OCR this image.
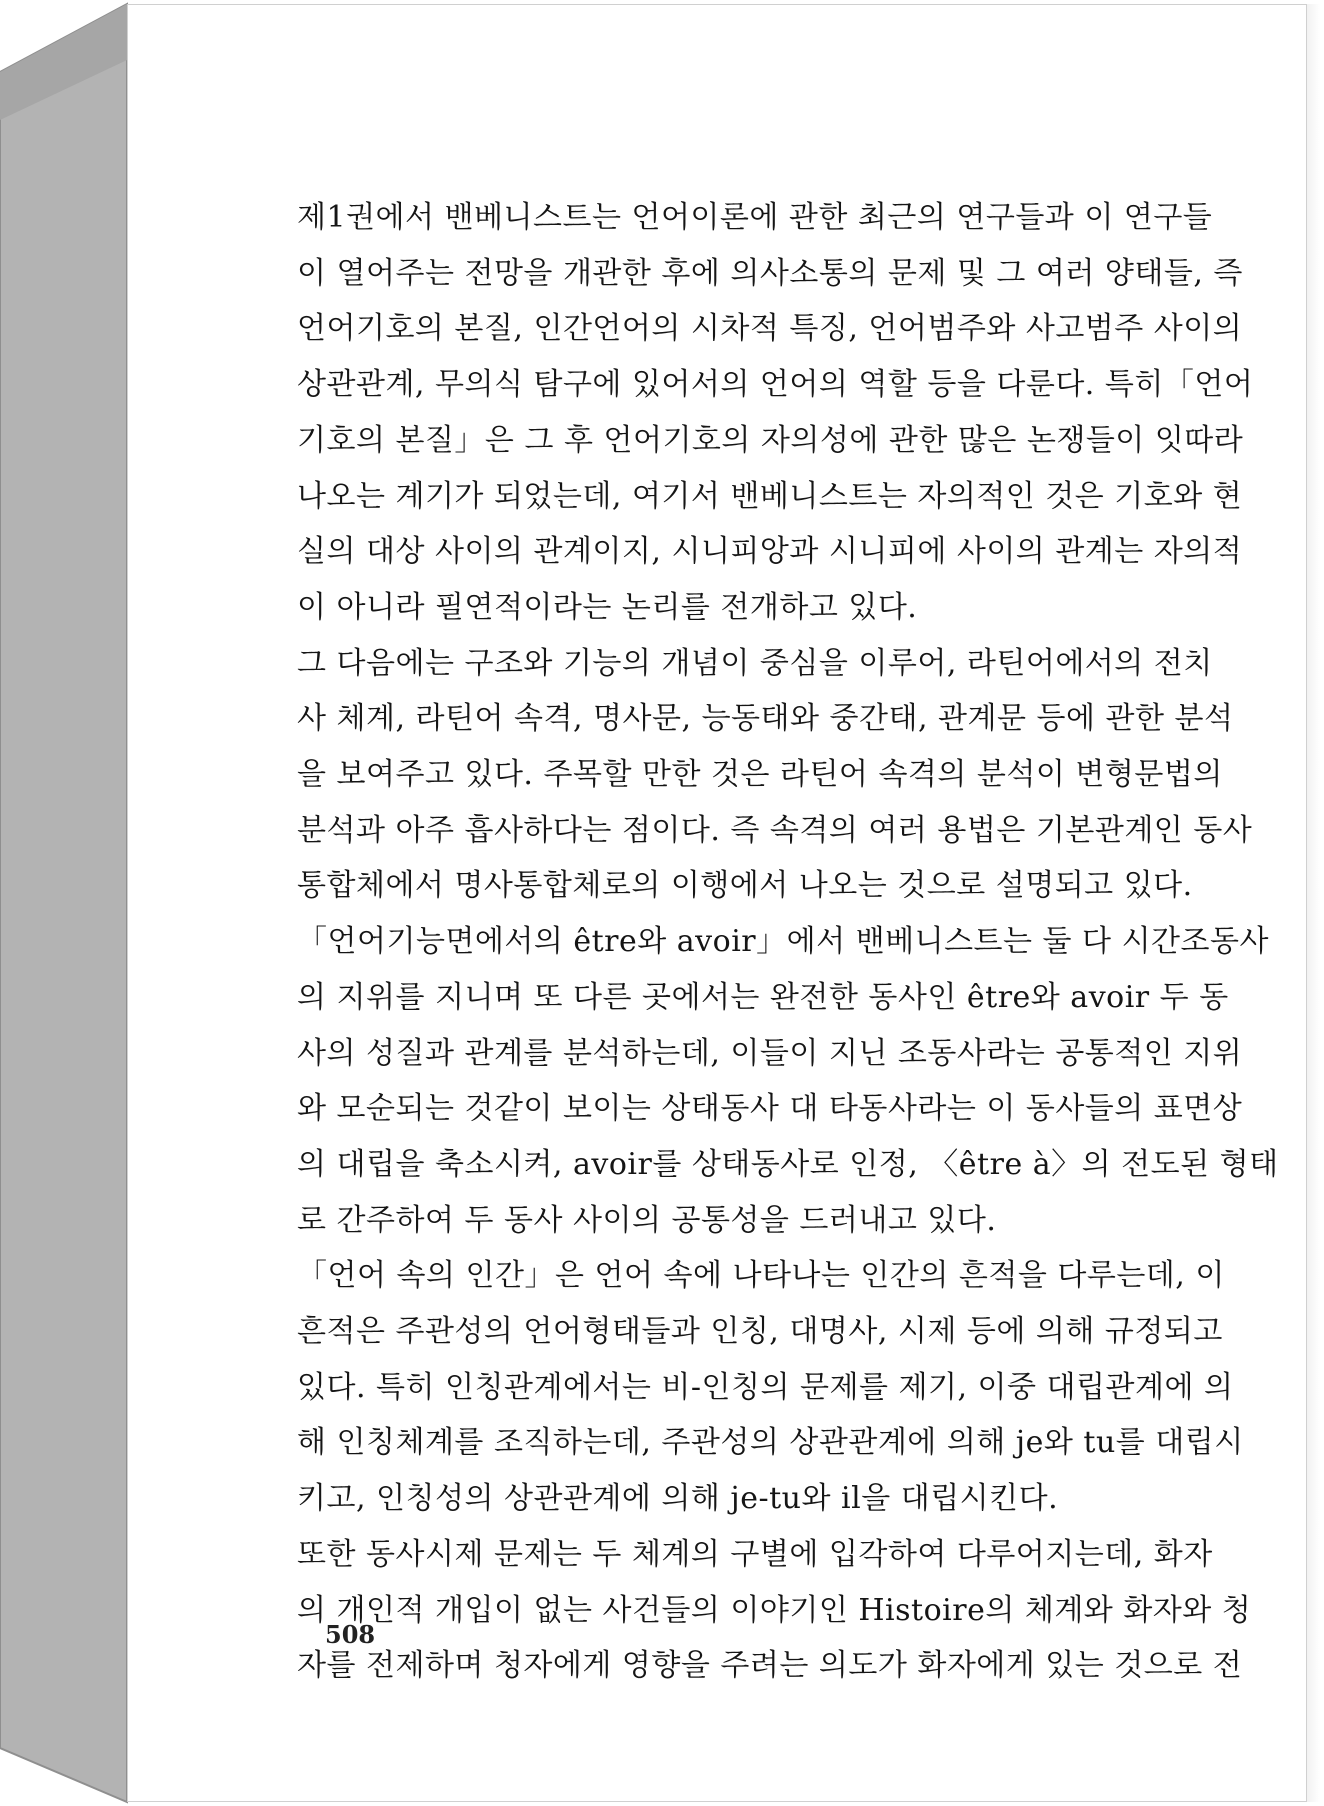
제1권에서 밴베니스트는 언어이론에 관한 최근의 연구들과 이 연구들
이 열어주는 전망을 개관한 후에 의사소통의 문제 및 그 여러 양태들, 즉
언어기호의 본질, 인간언어의 시차적 특징, 언어범주와 사고범주 사이의
상관관계, 무의식 탐구에 있어서의 언어의 역할 등을 다룬다. 특히「언어
기호의 본질」은 그 후 언어기호의 자의성에 관한 많은 논쟁들이 잇따라
나오는 계기가 되었는데, 여기서 밴베니스트는 자의적인 것은 기호와 현
실의 대상 사이의 관계이지, 시니피앙과 시니피에 사이의 관계는 자의적
이 아니라 필연적이라는 논리를 전개하고 있다.
그 다음에는 구조와 기능의 개념이 중심을 이루어, 라틴어에서의 전치
사 체계, 라틴어 속격, 명사문, 능동태와 중간태, 관계문 등에 관한 분석
을 보여주고 있다. 주목할 만한 것은 라틴어 속격의 분석이 변형문법의
분석과 아주 흡사하다는 점이다. 즉 속격의 여러 용법은 기본관계인 동사
통합체에서 명사통합체로의 이행에서 나오는 것으로 설명되고 있다.
「언어기능면에서의 être와 avoir」에서 밴베니스트는 둘 다 시간조동사
의 지위를 지니며 또 다른 곳에서는 완전한 동사인 être와 avoir 두 동
사의 성질과 관계를 분석하는데, 이들이 지닌 조동사라는 공통적인 지위
와 모순되는 것같이 보이는 상태동사 대 타동사라는 이 동사들의 표면상
의 대립을 축소시켜, avoir를 상태동사로 인정, 〈être à〉의 전도된 형태
로 간주하여 두 동사 사이의 공통성을 드러내고 있다.
「언어 속의 인간」은 언어 속에 나타나는 인간의 흔적을 다루는데, 이
흔적은 주관성의 언어형태들과 인칭, 대명사, 시제 등에 의해 규정되고
있다. 특히 인칭관계에서는 비-인칭의 문제를 제기, 이중 대립관계에 의
해 인칭체계를 조직하는데, 주관성의 상관관계에 의해 je와 tu를 대립시
키고, 인칭성의 상관관계에 의해 je-tu와 il을 대립시킨다.
또한 동사시제 문제는 두 체계의 구별에 입각하여 다루어지는데, 화자
의 개인적 개입이 없는 사건들의 이야기인 Histoire의 체계와 화자와 청
자를 전제하며 청자에게 영향을 주려는 의도가 화자에게 있는 것으로 전
508
